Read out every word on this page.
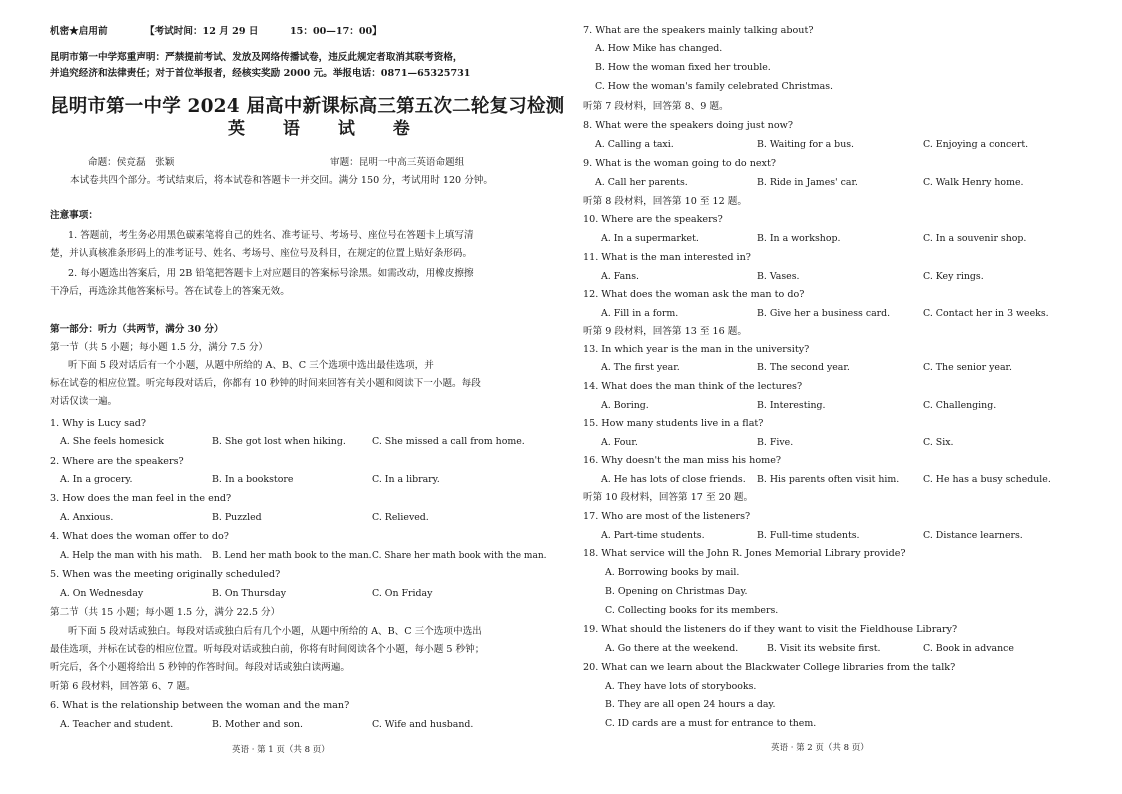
机密★启用前	【考试时间：12 月 29 日	15：00—17：00】
昆明市第一中学郑重声明：严禁提前考试、发放及网络传播试卷，违反此规定者取消其联考资格，
并追究经济和法律责任；对于首位举报者，经核实奖励 2000 元。举报电话：0871—65325731
昆明市第一中学 2024 届高中新课标高三第五次二轮复习检测
英 语 试 卷
命题：侯竞磊　张颖	审题：昆明一中高三英语命题组
本试卷共四个部分。考试结束后，将本试卷和答题卡一并交回。满分 150 分，考试用时 120 分钟。
注意事项：
1. 答题前，考生务必用黑色碳素笔将自己的姓名、准考证号、考场号、座位号在答题卡上填写清
楚，并认真核准条形码上的准考证号、姓名、考场号、座位号及科目，在规定的位置上贴好条形码。
2. 每小题选出答案后，用 2B 铅笔把答题卡上对应题目的答案标号涂黑。如需改动，用橡皮擦擦
干净后，再选涂其他答案标号。答在试卷上的答案无效。
第一部分：听力（共两节，满分 30 分）
第一节（共 5 小题；每小题 1.5 分，满分 7.5 分）
听下面 5 段对话后有一个小题，从题中所给的 A、B、C 三个选项中选出最佳选项，并
标在试卷的相应位置。听完每段对话后，你都有 10 秒钟的时间来回答有关小题和阅读下一小题。每段
对话仅读一遍。
1. Why is Lucy sad?
A. She feels homesick	B. She got lost when hiking.	C. She missed a call from home.
2. Where are the speakers?
A. In a grocery.	B. In a bookstore	C. In a library.
3. How does the man feel in the end?
A. Anxious.	B. Puzzled	C. Relieved.
4. What does the woman offer to do?
A. Help the man with his math. B. Lend her math book to the man. C. Share her math book with the man.
5. When was the meeting originally scheduled?
A. On Wednesday	B. On Thursday	C. On Friday
第二节（共 15 小题；每小题 1.5 分，满分 22.5 分）
听下面 5 段对话或独白。每段对话或独白后有几个小题，从题中所给的 A、B、C 三个选项中选出
最佳选项，并标在试卷的相应位置。听每段对话或独白前，你将有时间阅读各个小题，每小题 5 秒钟；
听完后，各个小题将给出 5 秒钟的作答时间。每段对话或独白读两遍。
听第 6 段材料，回答第 6、7 题。
6. What is the relationship between the woman and the man?
A. Teacher and student.	B. Mother and son.	C. Wife and husband.
英语 · 第 1 页（共 8 页）
7. What are the speakers mainly talking about?
A. How Mike has changed.
B. How the woman fixed her trouble.
C. How the woman's family celebrated Christmas.
听第 7 段材料，回答第 8、9 题。
8. What were the speakers doing just now?
A. Calling a taxi.	B. Waiting for a bus.	C. Enjoying a concert.
9. What is the woman going to do next?
A. Call her parents.	B. Ride in James' car.	C. Walk Henry home.
听第 8 段材料，回答第 10 至 12 题。
10. Where are the speakers?
A. In a supermarket.	B. In a workshop.	C. In a souvenir shop.
11. What is the man interested in?
A. Fans.	B. Vases.	C. Key rings.
12. What does the woman ask the man to do?
A. Fill in a form.	B. Give her a business card.	C. Contact her in 3 weeks.
听第 9 段材料，回答第 13 至 16 题。
13. In which year is the man in the university?
A. The first year.	B. The second year.	C. The senior year.
14. What does the man think of the lectures?
A. Boring.	B. Interesting.	C. Challenging.
15. How many students live in a flat?
A. Four.	B. Five.	C. Six.
16. Why doesn't the man miss his home?
A. He has lots of close friends. B. His parents often visit him.	C. He has a busy schedule.
听第 10 段材料，回答第 17 至 20 题。
17. Who are most of the listeners?
A. Part-time students.	B. Full-time students.	C. Distance learners.
18. What service will the John R. Jones Memorial Library provide?
A. Borrowing books by mail.
B. Opening on Christmas Day.
C. Collecting books for its members.
19. What should the listeners do if they want to visit the Fieldhouse Library?
A. Go there at the weekend.	B. Visit its website first.	C. Book in advance
20. What can we learn about the Blackwater College libraries from the talk?
A. They have lots of storybooks.
B. They are all open 24 hours a day.
C. ID cards are a must for entrance to them.
英语 · 第 2 页（共 8 页）
